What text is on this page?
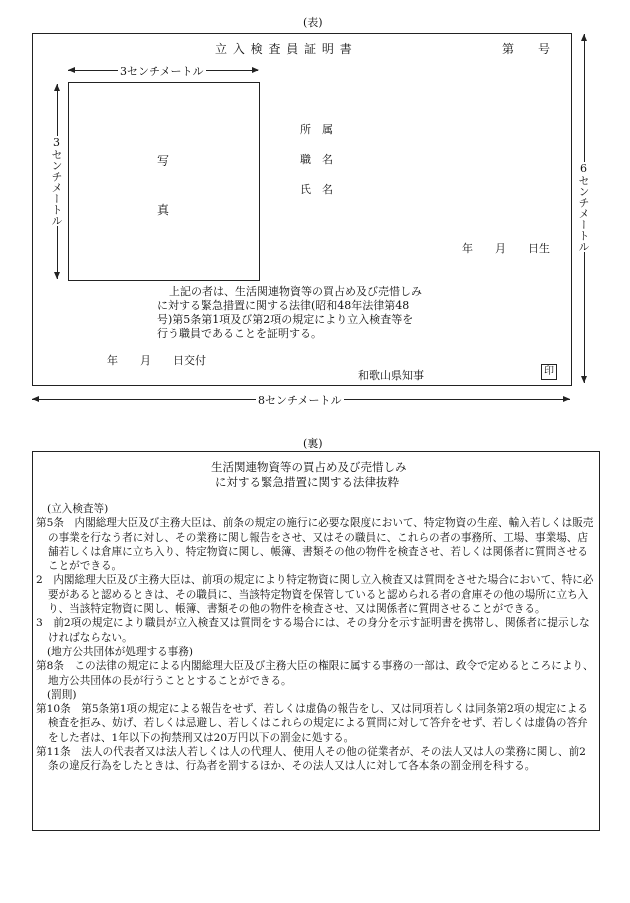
(表)
立 入 検 査 員 証 明 書	第　　号
3センチメートル
写
真
3センチメートル
所　属
職　名
氏　名
年　　月　　日生 6センチメートル
上記の者は、生活関連物資等の買占め及び売惜しみ
に対する緊急措置に関する法律(昭和48年法律第48
号)第5条第1項及び第2項の規定により立入検査等を
行う職員であることを証明する。
年　　月　　日交付
和歌山県知事	印
8センチメートル
(裏)
生活関連物資等の買占め及び売惜しみ
に対する緊急措置に関する法律抜粋

(立入検査等)

第5条　内閣総理大臣及び主務大臣は、前条の規定の施行に必要な限度において、特定物資の生産、輸入若しくは販売の事業を行なう者に対し、その業務に関し報告をさせ、又はその職員に、これらの者の事務所、工場、事業場、店舗若しくは倉庫に立ち入り、特定物資に関し、帳簿、書類その他の物件を検査させ、若しくは関係者に質問させることができる。

2　内閣総理大臣及び主務大臣は、前項の規定により特定物資に関し立入検査又は質問をさせた場合において、特に必要があると認めるときは、その職員に、当該特定物資を保管していると認められる者の倉庫その他の場所に立ち入り、当該特定物資に関し、帳簿、書類その他の物件を検査させ、又は関係者に質問させることができる。

3　前2項の規定により職員が立入検査又は質問をする場合には、その身分を示す証明書を携帯し、関係者に提示しなければならない。

(地方公共団体が処理する事務)

第8条　この法律の規定による内閣総理大臣及び主務大臣の権限に属する事務の一部は、政令で定めるところにより、地方公共団体の長が行うこととすることができる。

(罰則)

第10条　第5条第1項の規定による報告をせず、若しくは虚偽の報告をし、又は同項若しくは同条第2項の規定による検査を拒み、妨げ、若しくは忌避し、若しくはこれらの規定による質問に対して答弁をせず、若しくは虚偽の答弁をした者は、1年以下の拘禁刑又は20万円以下の罰金に処する。

第11条　法人の代表者又は法人若しくは人の代理人、使用人その他の従業者が、その法人又は人の業務に関し、前2条の違反行為をしたときは、行為者を罰するほか、その法人又は人に対して各本条の罰金刑を科する。
